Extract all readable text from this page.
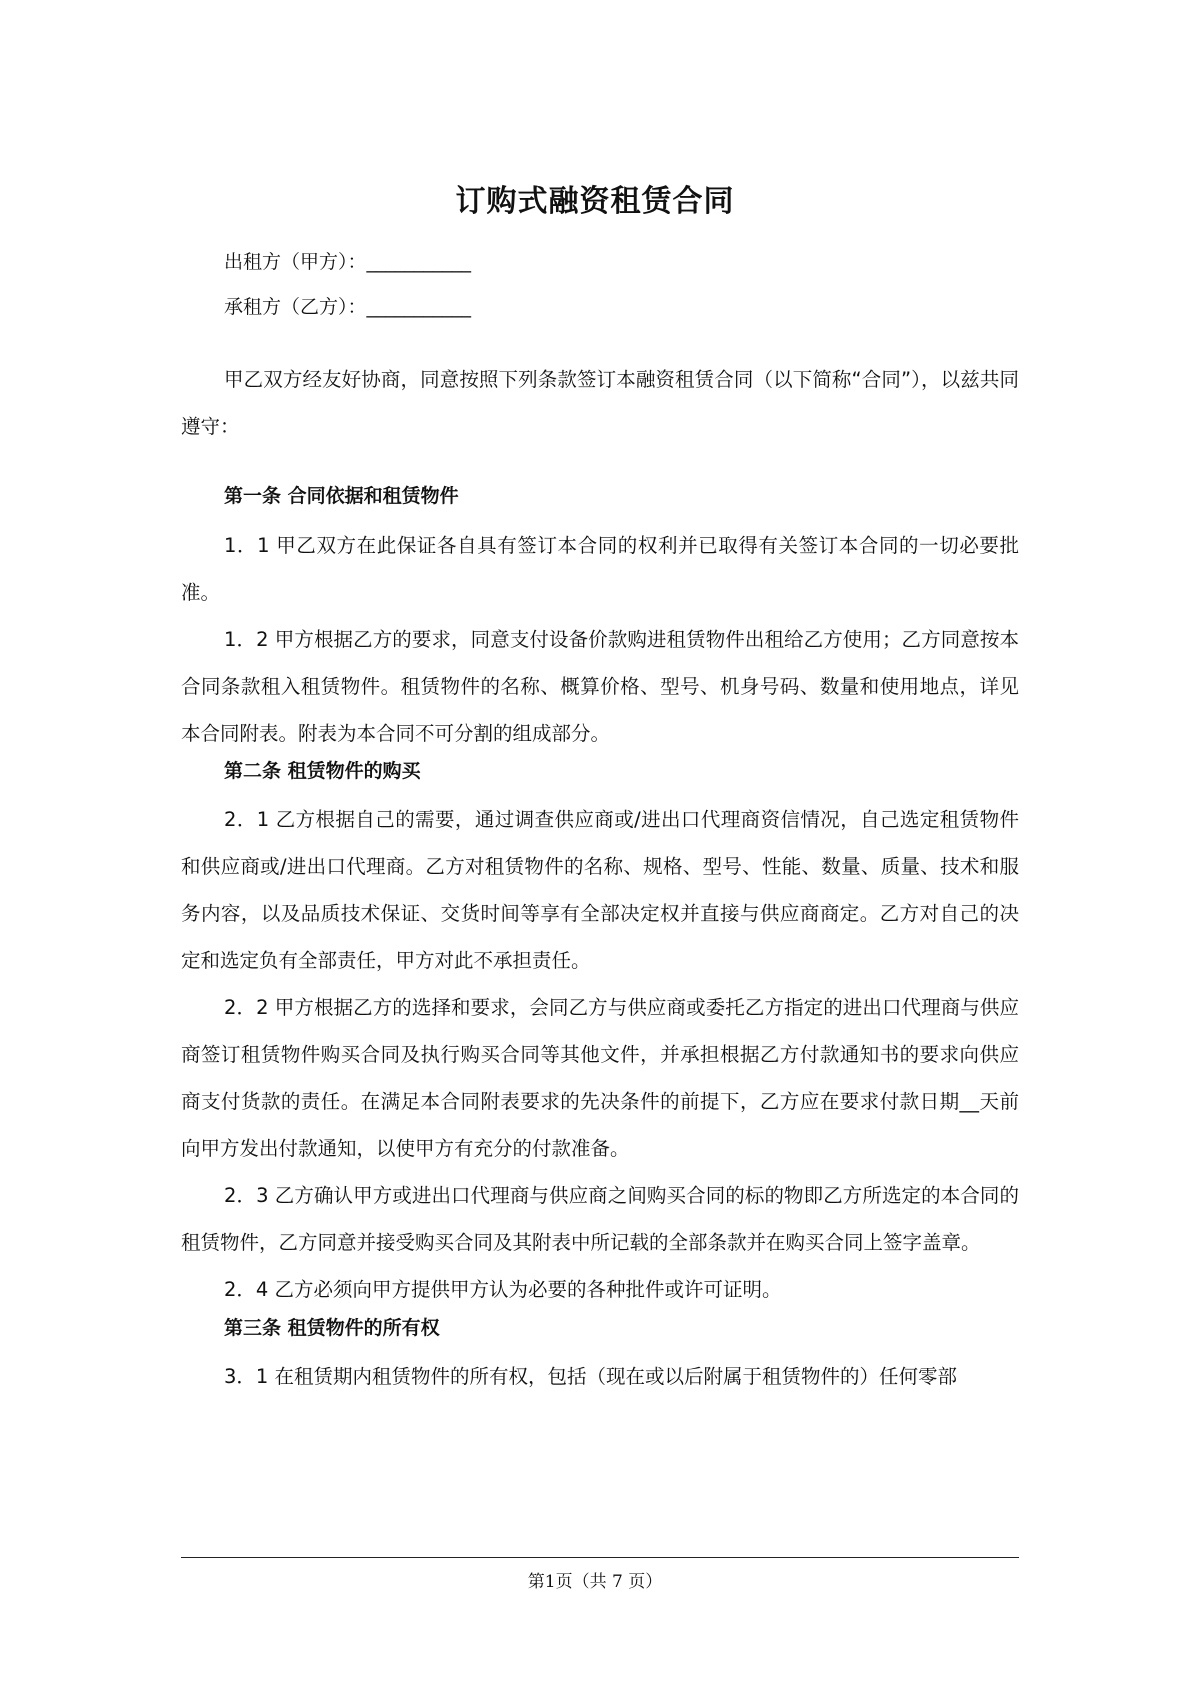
订购式融资租赁合同
出租方（甲方）：___________
承租方（乙方）：___________

甲乙双方经友好协商，同意按照下列条款签订本融资租赁合同（以下简称“合同”），以兹共同遵守：

第一条 合同依据和租赁物件

1．1 甲乙双方在此保证各自具有签订本合同的权利并已取得有关签订本合同的一切必要批准。

1．2 甲方根据乙方的要求，同意支付设备价款购进租赁物件出租给乙方使用；乙方同意按本合同条款租入租赁物件。租赁物件的名称、概算价格、型号、机身号码、数量和使用地点，详见本合同附表。附表为本合同不可分割的组成部分。

第二条 租赁物件的购买

2．1 乙方根据自己的需要，通过调查供应商或/进出口代理商资信情况，自己选定租赁物件和供应商或/进出口代理商。乙方对租赁物件的名称、规格、型号、性能、数量、质量、技术和服务内容，以及品质技术保证、交货时间等享有全部决定权并直接与供应商商定。乙方对自己的决定和选定负有全部责任，甲方对此不承担责任。

2．2 甲方根据乙方的选择和要求，会同乙方与供应商或委托乙方指定的进出口代理商与供应商签订租赁物件购买合同及执行购买合同等其他文件，并承担根据乙方付款通知书的要求向供应商支付货款的责任。在满足本合同附表要求的先决条件的前提下，乙方应在要求付款日期__天前向甲方发出付款通知，以使甲方有充分的付款准备。

2．3 乙方确认甲方或进出口代理商与供应商之间购买合同的标的物即乙方所选定的本合同的租赁物件，乙方同意并接受购买合同及其附表中所记载的全部条款并在购买合同上签字盖章。

2．4 乙方必须向甲方提供甲方认为必要的各种批件或许可证明。

第三条 租赁物件的所有权

3．1 在租赁期内租赁物件的所有权，包括（现在或以后附属于租赁物件的）任何零部

第1页（共 7 页）
